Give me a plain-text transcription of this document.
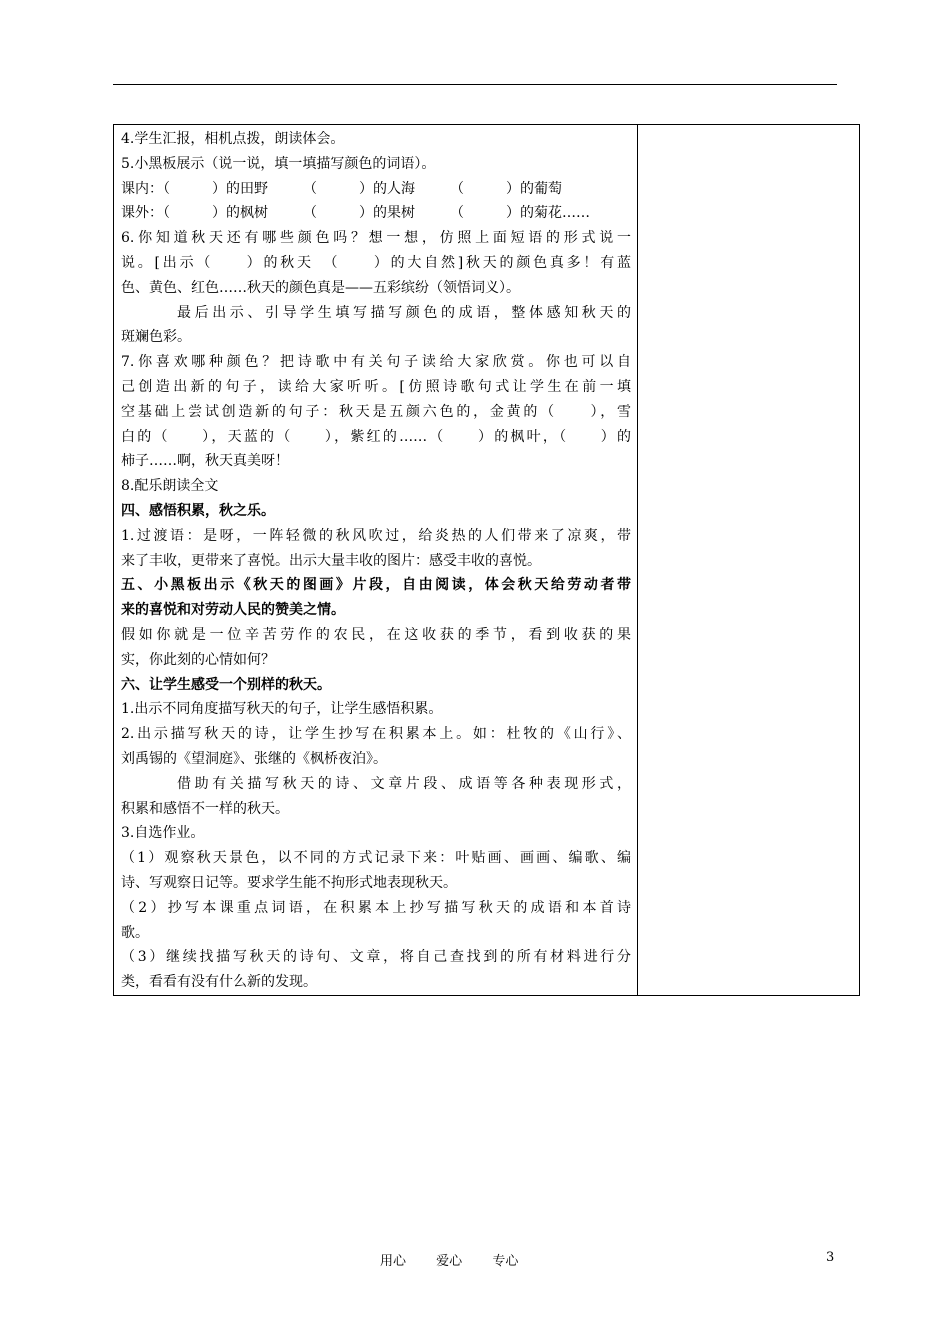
4.学生汇报，相机点拨，朗读体会。
5.小黑板展示（说一说，填一填描写颜色的词语）。
课内：（　　　）的田野　　　（　　　）的人海　　　（　　　）的葡萄
课外：（　　　）的枫树　　　（　　　）的果树　　　（　　　）的菊花……
6.你知道秋天还有哪些颜色吗？想一想，仿照上面短语的形式说一
说。[出示（　　）的秋天　（　　）的大自然]秋天的颜色真多！有蓝
色、黄色、红色……秋天的颜色真是——五彩缤纷（领悟词义）。
最后出示、引导学生填写描写颜色的成语，整体感知秋天的
斑斓色彩。
7.你喜欢哪种颜色？把诗歌中有关句子读给大家欣赏。你也可以自
己创造出新的句子，读给大家听听。[仿照诗歌句式让学生在前一填
空基础上尝试创造新的句子：秋天是五颜六色的，金黄的（　　），雪
白的（　　），天蓝的（　　），紫红的……（　　）的枫叶，（　　）的
柿子……啊，秋天真美呀！
8.配乐朗读全文
四、感悟积累，秋之乐。
1.过渡语：是呀，一阵轻微的秋风吹过，给炎热的人们带来了凉爽，带
来了丰收，更带来了喜悦。出示大量丰收的图片：感受丰收的喜悦。
五、小黑板出示《秋天的图画》片段，自由阅读，体会秋天给劳动者带
来的喜悦和对劳动人民的赞美之情。
假如你就是一位辛苦劳作的农民，在这收获的季节，看到收获的果
实，你此刻的心情如何？
六、让学生感受一个别样的秋天。
1.出示不同角度描写秋天的句子，让学生感悟积累。
2.出示描写秋天的诗，让学生抄写在积累本上。如：杜牧的《山行》、
刘禹锡的《望洞庭》、张继的《枫桥夜泊》。
借助有关描写秋天的诗、文章片段、成语等各种表现形式，
积累和感悟不一样的秋天。
3.自选作业。
（1）观察秋天景色，以不同的方式记录下来：叶贴画、画画、编歌、编
诗、写观察日记等。要求学生能不拘形式地表现秋天。
（2）抄写本课重点词语，在积累本上抄写描写秋天的成语和本首诗
歌。
（3）继续找描写秋天的诗句、文章，将自己查找到的所有材料进行分
类，看看有没有什么新的发现。

用心 爱心 专心	3
